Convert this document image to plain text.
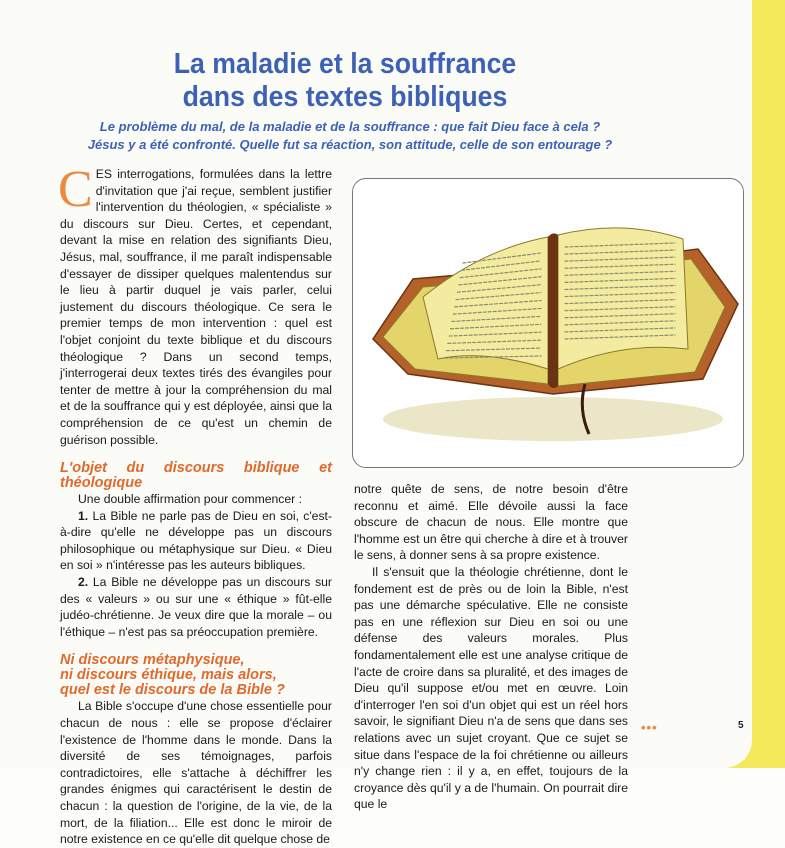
La maladie et la souffrance
dans des textes bibliques
Le problème du mal, de la maladie et de la souffrance : que fait Dieu face à cela ?
Jésus y a été confronté. Quelle fut sa réaction, son attitude, celle de son entourage ?

CES interrogations, formulées dans la lettre d'invitation que j'ai reçue, semblent justifier l'intervention du théologien, « spécialiste » du discours sur Dieu. Certes, et cependant, devant la mise en relation des signifiants Dieu, Jésus, mal, souffrance, il me paraît indispensable d'essayer de dissiper quelques malentendus sur le lieu à partir duquel je vais parler, celui justement du discours théologique. Ce sera le premier temps de mon intervention : quel est l'objet conjoint du texte biblique et du discours théologique ? Dans un second temps, j'interrogerai deux textes tirés des évangiles pour tenter de mettre à jour la compréhension du mal et de la souffrance qui y est déployée, ainsi que la compréhension de ce qu'est un chemin de guérison possible.

L'objet du discours biblique et théologique

Une double affirmation pour commencer :

1. La Bible ne parle pas de Dieu en soi, c'est-à-dire qu'elle ne développe pas un discours philosophique ou métaphysique sur Dieu. « Dieu en soi » n'intéresse pas les auteurs bibliques.

2. La Bible ne développe pas un discours sur des « valeurs » ou sur une « éthique » fût-elle judéo-chrétienne. Je veux dire que la morale – ou l'éthique – n'est pas sa préoccupation première.

Ni discours métaphysique,
ni discours éthique, mais alors,
quel est le discours de la Bible ?

La Bible s'occupe d'une chose essentielle pour chacun de nous : elle se propose d'éclairer l'existence de l'homme dans le monde. Dans la diversité de ses témoignages, parfois contradictoires, elle s'attache à déchiffrer les grandes énigmes qui caractérisent le destin de chacun : la question de l'origine, de la vie, de la mort, de la filiation... Elle est donc le miroir de notre existence en ce qu'elle dit quelque chose de

notre quête de sens, de notre besoin d'être reconnu et aimé. Elle dévoile aussi la face obscure de chacun de nous. Elle montre que l'homme est un être qui cherche à dire et à trouver le sens, à donner sens à sa propre existence.

Il s'ensuit que la théologie chrétienne, dont le fondement est de près ou de loin la Bible, n'est pas une démarche spéculative. Elle ne consiste pas en une réflexion sur Dieu en soi ou une défense des valeurs morales. Plus fondamentalement elle est une analyse critique de l'acte de croire dans sa pluralité, et des images de Dieu qu'il suppose et/ou met en œuvre. Loin d'interroger l'en soi d'un objet qui est un réel hors savoir, le signifiant Dieu n'a de sens que dans ses relations avec un sujet croyant. Que ce sujet se situe dans l'espace de la foi chrétienne ou ailleurs n'y change rien : il y a, en effet, toujours de la croyance dès qu'il y a de l'humain. On pourrait dire que le

•••	5
